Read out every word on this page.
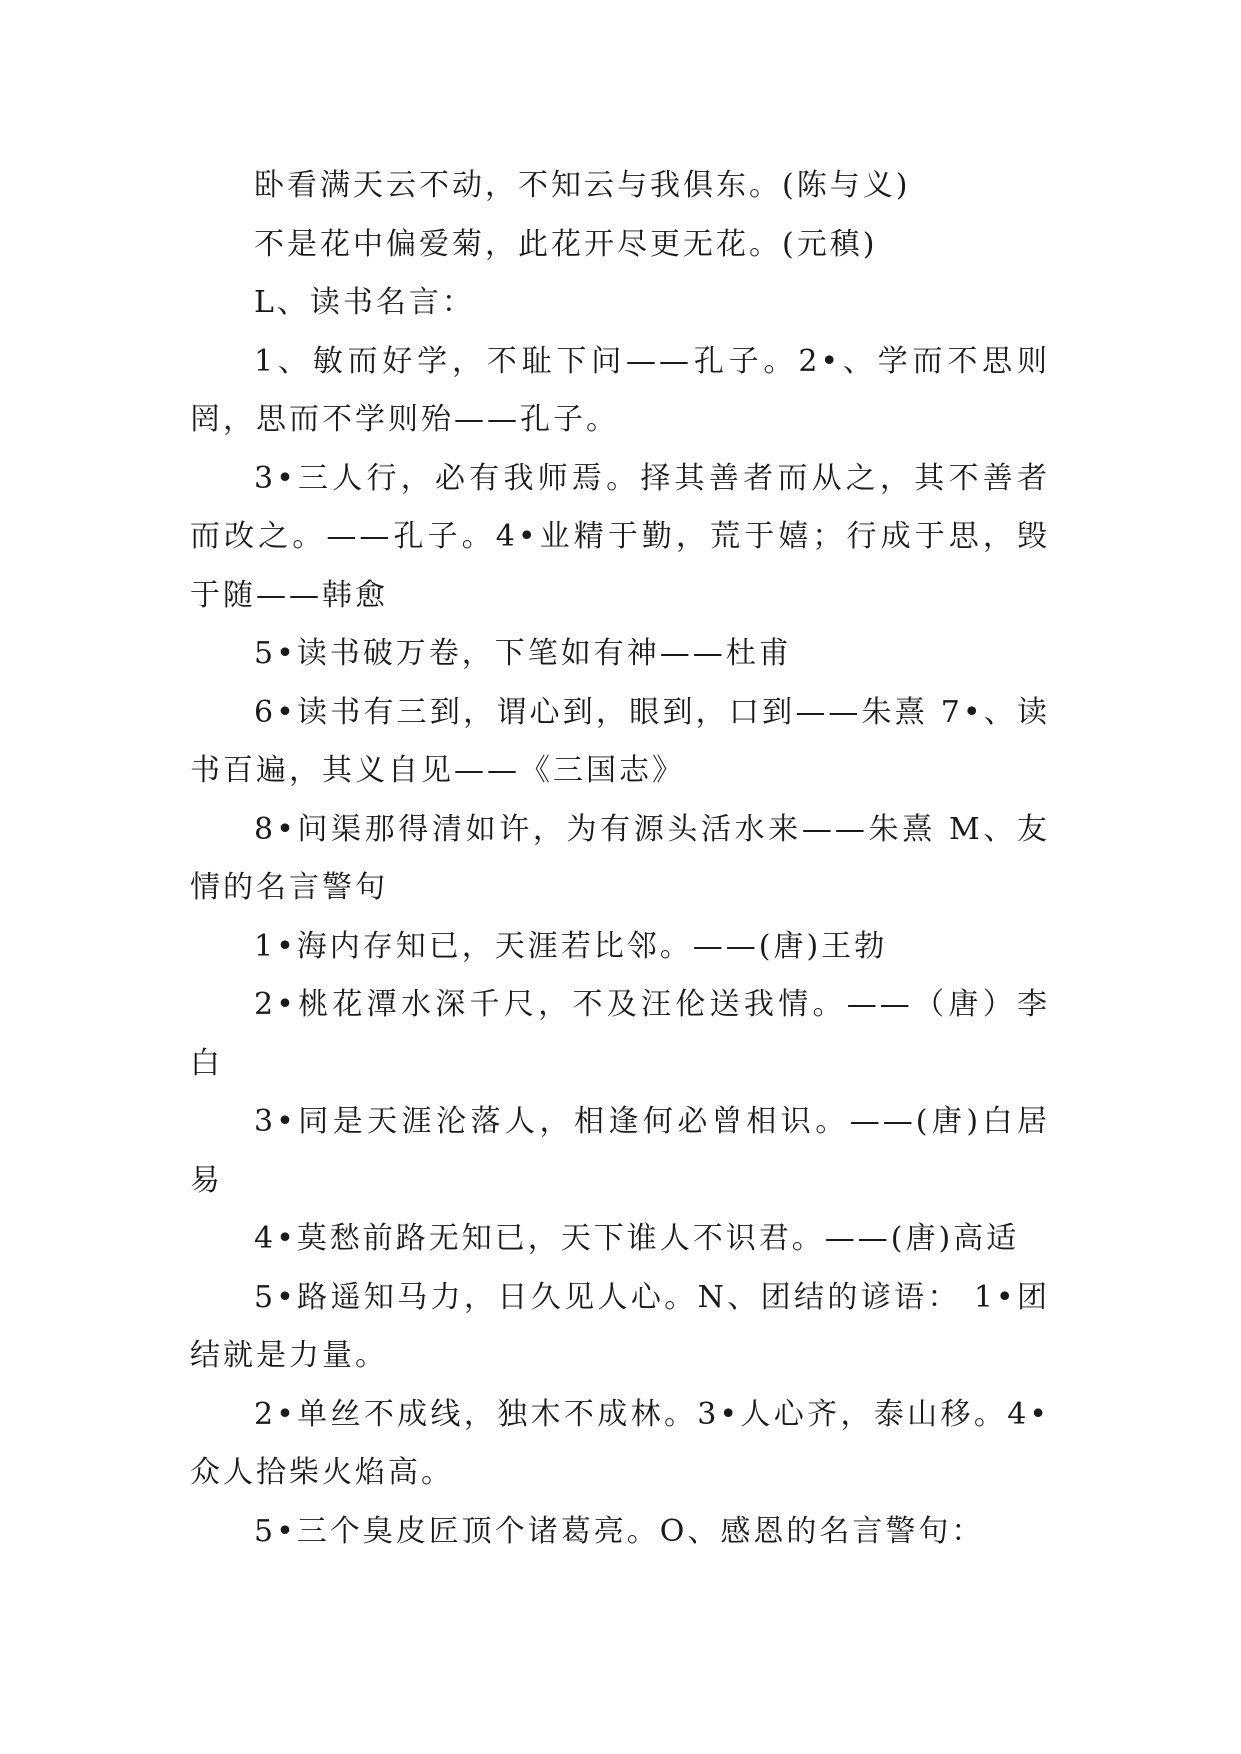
卧看满天云不动，不知云与我俱东。(陈与义)

不是花中偏爱菊，此花开尽更无花。(元稹)

L、读书名言：

1、敏而好学，不耻下问——孔子。2•、学而不思则罔，思而不学则殆——孔子。

3•三人行，必有我师焉。择其善者而从之，其不善者而改之。——孔子。4•业精于勤，荒于嬉；行成于思，毁于随——韩愈

5•读书破万卷，下笔如有神——杜甫

6•读书有三到，谓心到，眼到，口到——朱熹 7•、读书百遍，其义自见——《三国志》

8•问渠那得清如许，为有源头活水来——朱熹 M、友情的名言警句

1•海内存知已，天涯若比邻。——(唐)王勃

2•桃花潭水深千尺，不及汪伦送我情。——（唐）李白

3•同是天涯沦落人，相逢何必曾相识。——(唐)白居易

4•莫愁前路无知已，天下谁人不识君。——(唐)高适

5•路遥知马力，日久见人心。N、团结的谚语： 1•团结就是力量。

2•单丝不成线，独木不成林。3•人心齐，泰山移。4•众人拾柴火焰高。

5•三个臭皮匠顶个诸葛亮。O、感恩的名言警句：
